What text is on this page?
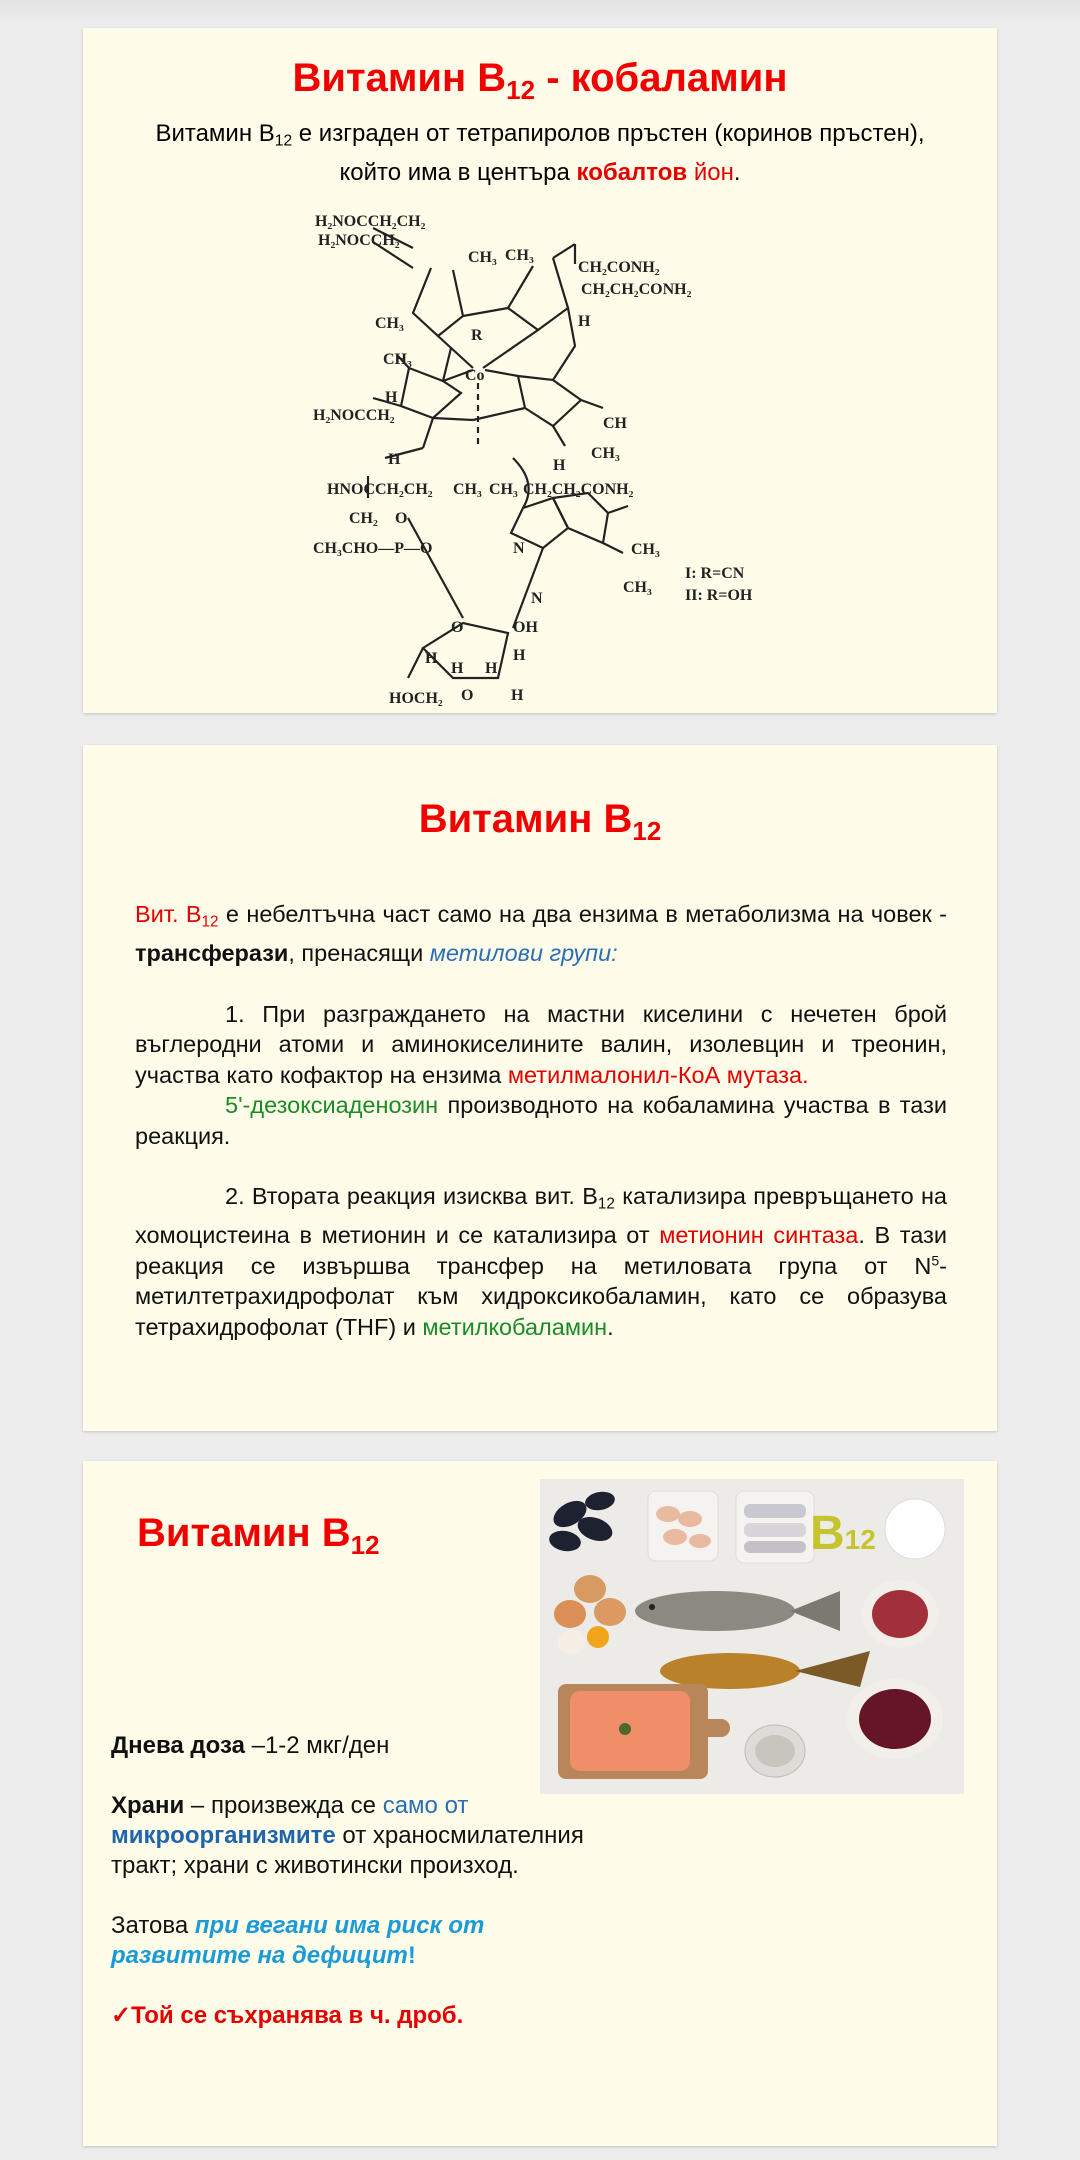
Витамин $B_{12}$ - кобаламин
Витамин $B_{12}$ е изграден от тетрапиролов пръстен (коринов пръстен),
който има в центъра кобалтов йон.
H₂NOCCH₂CH₂
H₂NOCCH₂
CH₃ CH₃
CH₂CONH₂
CH₂CH₂CONH₂
H
CH₃
CH₃
R
Co
H₂NOCCH₂
H
H
CH
CH₃
H
HNOCCH₂CH₂ CH₃ CH₃ CH₂CH₂CONH₂
CH₂ O
CH₃CHO—P—O	N
N
CH₃
CH₃
I: R=CN
II: R=OH
O	OH
H
H H
H
HOCH₂ O H
Витамин $B_{12}$

Вит. $B_{12}$ е небелтъчна част само на два ензима в метаболизма на човек - трансферази, пренасящи метилови групи:

1. При разграждането на мастни киселини с нечетен брой въглеродни атоми и аминокиселините валин, изолевцин и треонин, участва като кофактор на ензима метилмалонил-КоА мутаза.

5'-дезоксиаденозин производното на кобаламина участва в тази реакция.

2. Втората реакция изисква вит. $B_{12}$ катализира превръщането на хомоцистеина в метионин и се катализира от метионин синтаза. В тази реакция се извършва трансфер на метиловата група от $N^5$-метилтетрахидрофолат към хидроксикобаламин, като се образува тетрахидрофолат (THF) и метилкобаламин.

Витамин $B_{12}$	B12

Днева доза –1-2 мкг/ден

Храни – произвежда се само от
микроорганизмите от храносмилателния
тракт; храни с животински произход.

Затова при вегани има риск от развитите на дефицит!

✓Той се съхранява в ч. дроб.
